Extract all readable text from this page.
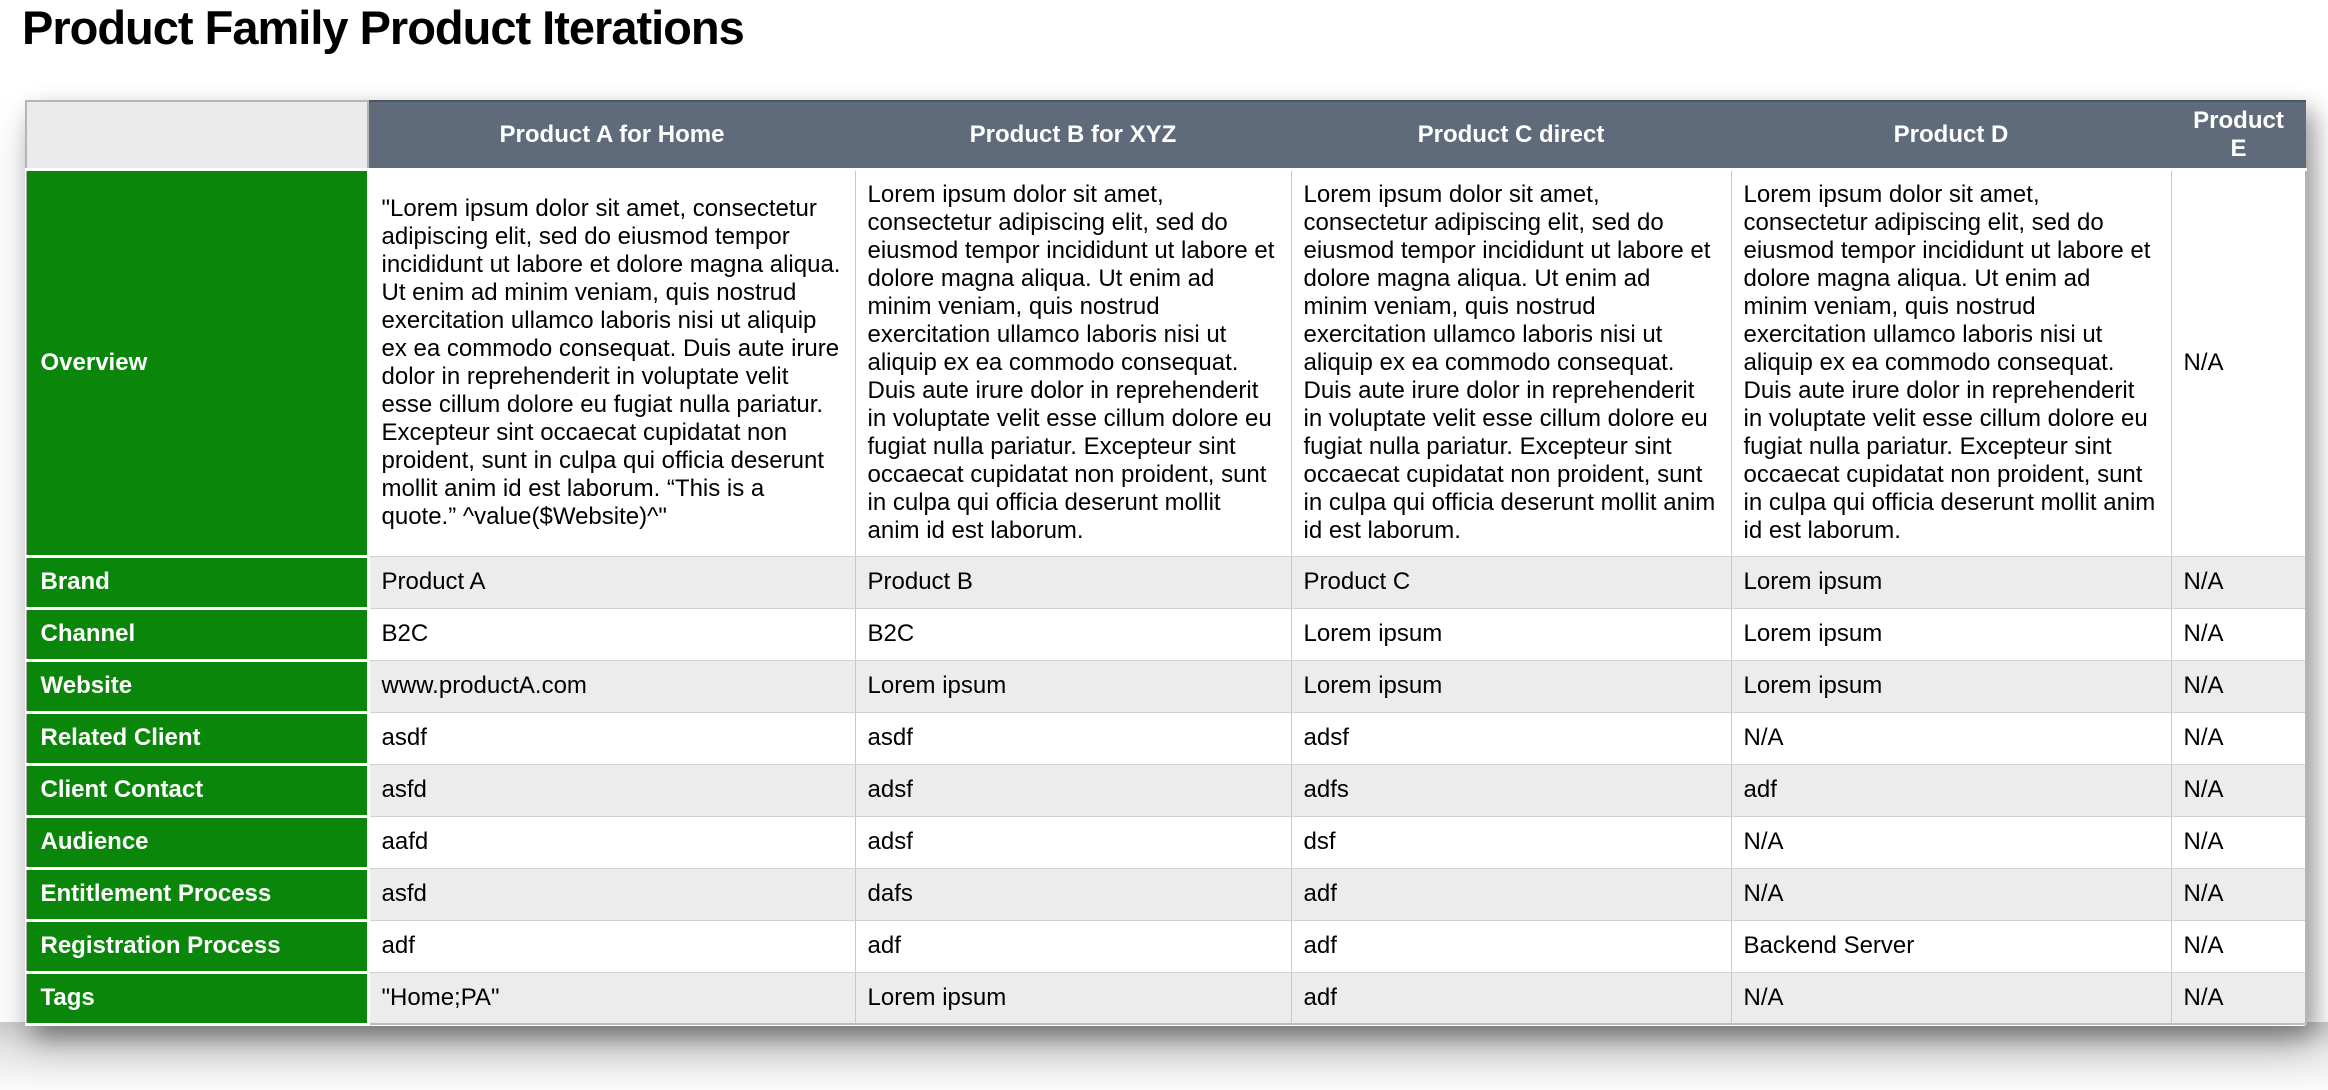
Product Family Product Iterations
	Product A for Home	Product B for XYZ	Product C direct	Product D	Product E
Overview	"Lorem ipsum dolor sit amet, consectetur adipiscing elit, sed do eiusmod tempor incididunt ut labore et dolore magna aliqua. Ut enim ad minim veniam, quis nostrud exercitation ullamco laboris nisi ut aliquip ex ea commodo consequat. Duis aute irure dolor in reprehenderit in voluptate velit esse cillum dolore eu fugiat nulla pariatur. Excepteur sint occaecat cupidatat non proident, sunt in culpa qui officia deserunt mollit anim id est laborum. “This is a quote.” ^value($Website)^"	Lorem ipsum dolor sit amet, consectetur adipiscing elit, sed do eiusmod tempor incididunt ut labore et dolore magna aliqua. Ut enim ad minim veniam, quis nostrud exercitation ullamco laboris nisi ut aliquip ex ea commodo consequat. Duis aute irure dolor in reprehenderit in voluptate velit esse cillum dolore eu fugiat nulla pariatur. Excepteur sint occaecat cupidatat non proident, sunt in culpa qui officia deserunt mollit anim id est laborum.	Lorem ipsum dolor sit amet, consectetur adipiscing elit, sed do eiusmod tempor incididunt ut labore et dolore magna aliqua. Ut enim ad minim veniam, quis nostrud exercitation ullamco laboris nisi ut aliquip ex ea commodo consequat. Duis aute irure dolor in reprehenderit in voluptate velit esse cillum dolore eu fugiat nulla pariatur. Excepteur sint occaecat cupidatat non proident, sunt in culpa qui officia deserunt mollit anim id est laborum.	Lorem ipsum dolor sit amet, consectetur adipiscing elit, sed do eiusmod tempor incididunt ut labore et dolore magna aliqua. Ut enim ad minim veniam, quis nostrud exercitation ullamco laboris nisi ut aliquip ex ea commodo consequat. Duis aute irure dolor in reprehenderit in voluptate velit esse cillum dolore eu fugiat nulla pariatur. Excepteur sint occaecat cupidatat non proident, sunt in culpa qui officia deserunt mollit anim id est laborum.	N/A
Brand	Product A	Product B	Product C	Lorem ipsum	N/A
Channel	B2C	B2C	Lorem ipsum	Lorem ipsum	N/A
Website	www.productA.com	Lorem ipsum	Lorem ipsum	Lorem ipsum	N/A
Related Client	asdf	asdf	adsf	N/A	N/A
Client Contact	asfd	adsf	adfs	adf	N/A
Audience	aafd	adsf	dsf	N/A	N/A
Entitlement Process	asfd	dafs	adf	N/A	N/A
Registration Process	adf	adf	adf	Backend Server	N/A
Tags	"Home;PA"	Lorem ipsum	adf	N/A	N/A
